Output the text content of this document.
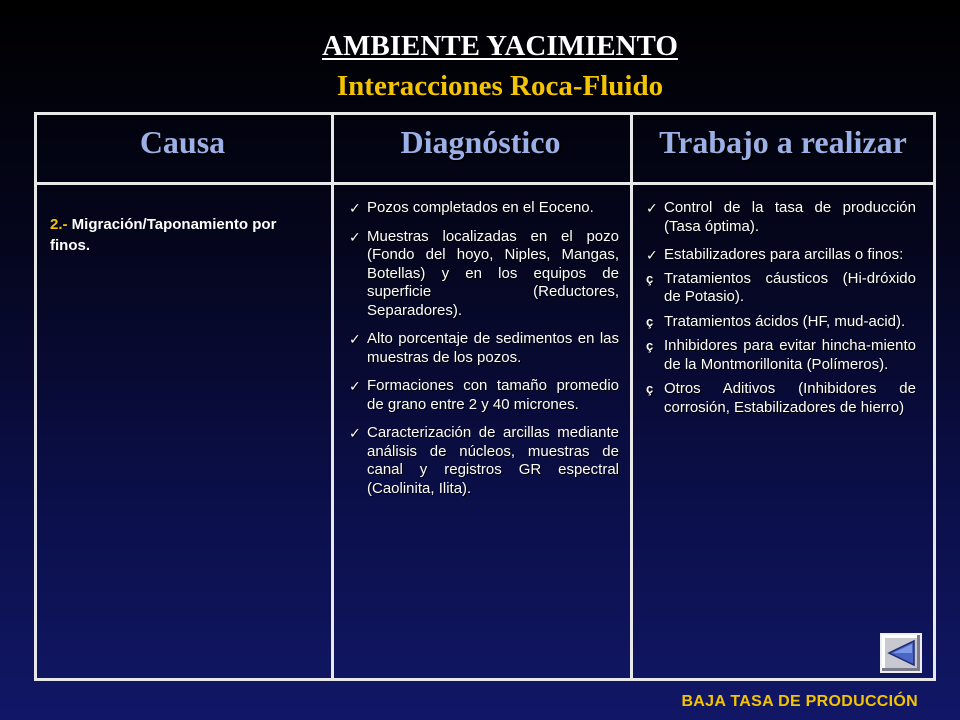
AMBIENTE YACIMIENTO
Interacciones Roca-Fluido
Causa	Diagnóstico	Trabajo a realizar
2.- Migración/Taponamiento por finos.
✓ Pozos completados en el Eoceno.
✓ Muestras localizadas en el pozo (Fondo del hoyo, Niples, Mangas, Botellas) y en los equipos de superficie (Reductores, Separadores).
✓ Alto porcentaje de sedimentos en las muestras de los pozos.
✓ Formaciones con tamaño promedio de grano entre 2 y 40 micrones.
✓ Caracterización de arcillas mediante análisis de núcleos, muestras de canal y registros GR espectral (Caolinita, Ilita).
✓ Control de la tasa de producción (Tasa óptima).
✓ Estabilizadores para arcillas o finos:
ç Tratamientos cáusticos (Hi-dróxido de Potasio).
ç Tratamientos ácidos (HF, mud-acid).
ç Inhibidores para evitar hincha-miento de la Montmorillonita (Polímeros).
ç Otros Aditivos (Inhibidores de corrosión, Estabilizadores de hierro)
BAJA TASA DE PRODUCCIÓN
